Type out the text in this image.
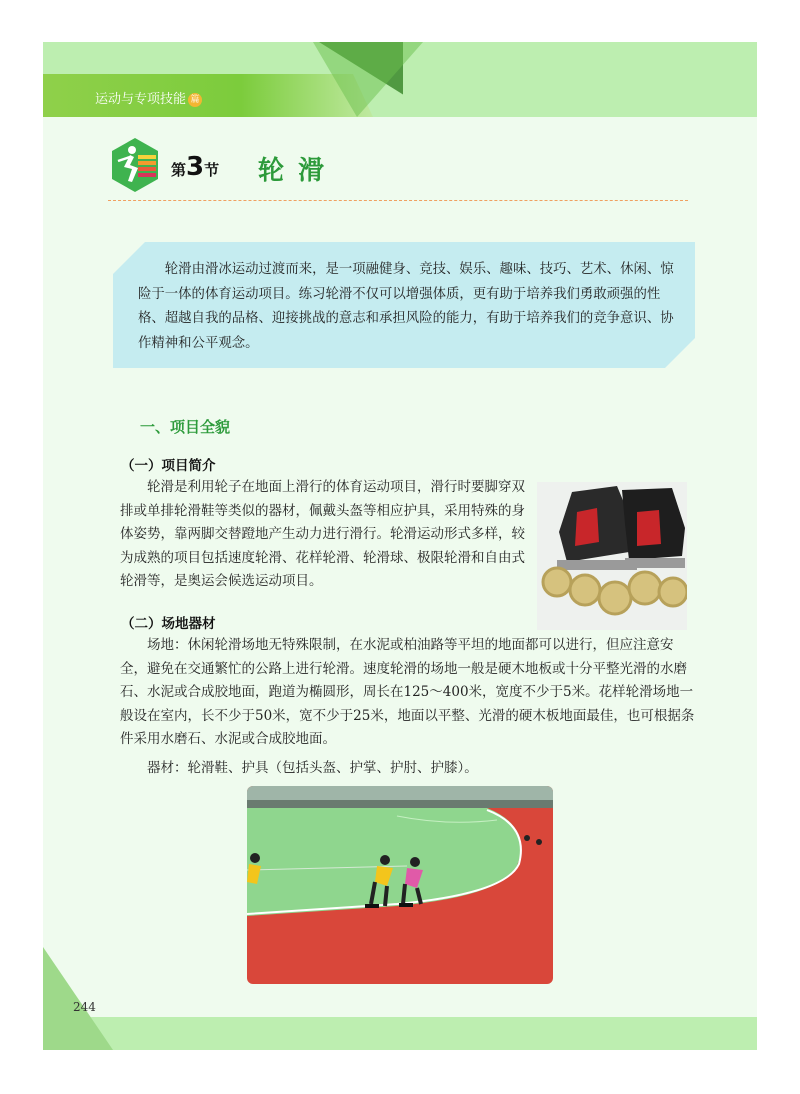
运动与专项技能 篇
第3节 轮滑

轮滑由滑冰运动过渡而来，是一项融健身、竞技、娱乐、趣味、技巧、艺术、休闲、惊险于一体的体育运动项目。练习轮滑不仅可以增强体质，更有助于培养我们勇敢顽强的性格、超越自我的品格、迎接挑战的意志和承担风险的能力，有助于培养我们的竞争意识、协作精神和公平观念。

一、项目全貌
（一）项目简介

轮滑是利用轮子在地面上滑行的体育运动项目，滑行时要脚穿双排或单排轮滑鞋等类似的器材，佩戴头盔等相应护具，采用特殊的身体姿势，靠两脚交替蹬地产生动力进行滑行。轮滑运动形式多样，较为成熟的项目包括速度轮滑、花样轮滑、轮滑球、极限轮滑和自由式轮滑等，是奥运会候选运动项目。

（二）场地器材

场地：休闲轮滑场地无特殊限制，在水泥或柏油路等平坦的地面都可以进行，但应注意安全，避免在交通繁忙的公路上进行轮滑。速度轮滑的场地一般是硬木地板或十分平整光滑的水磨石、水泥或合成胶地面，跑道为椭圆形，周长在125～400米，宽度不少于5米。花样轮滑场地一般设在室内，长不少于50米，宽不少于25米，地面以平整、光滑的硬木板地面最佳，也可根据条件采用水磨石、水泥或合成胶地面。

器材：轮滑鞋、护具（包括头盔、护掌、护肘、护膝）。
244
